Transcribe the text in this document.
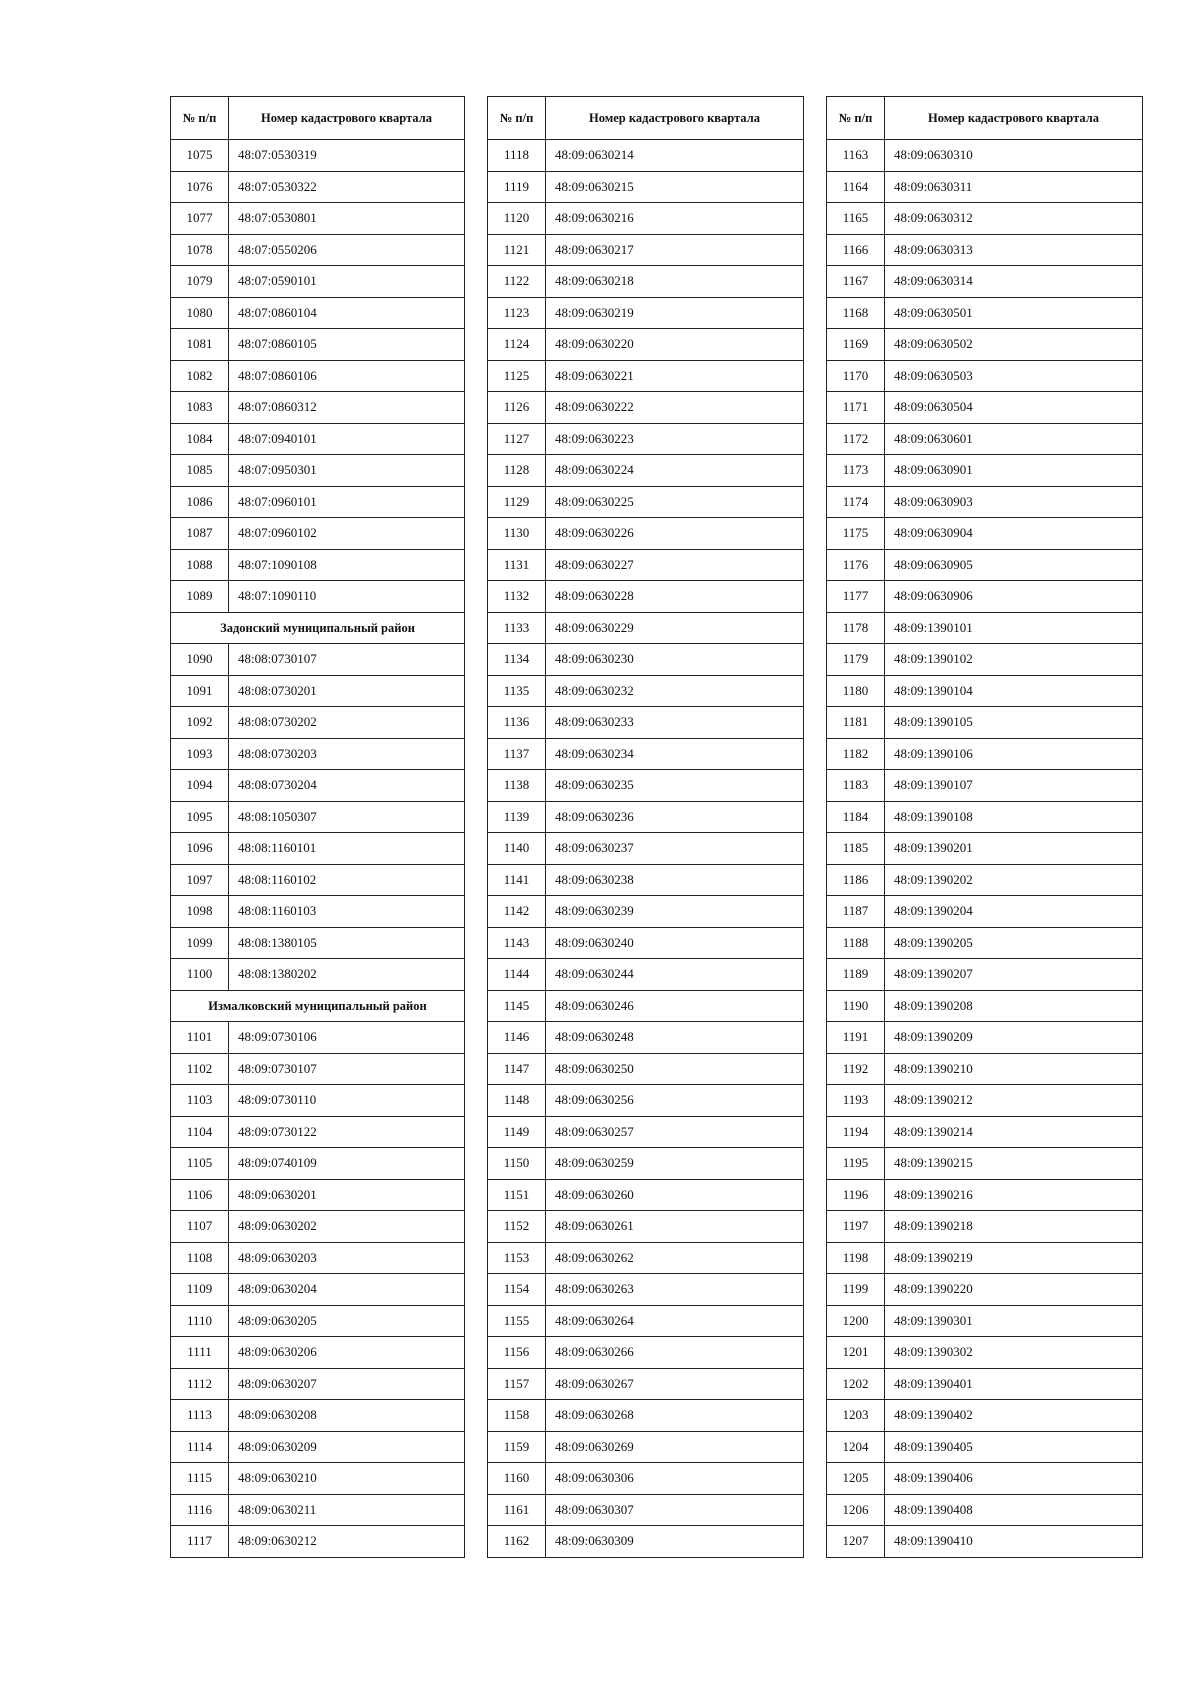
№ п/п	Номер кадастрового квартала
1075	48:07:0530319
1076	48:07:0530322
1077	48:07:0530801
1078	48:07:0550206
1079	48:07:0590101
1080	48:07:0860104
1081	48:07:0860105
1082	48:07:0860106
1083	48:07:0860312
1084	48:07:0940101
1085	48:07:0950301
1086	48:07:0960101
1087	48:07:0960102
1088	48:07:1090108
1089	48:07:1090110
Задонский муниципальный район	
1090	48:08:0730107
1091	48:08:0730201
1092	48:08:0730202
1093	48:08:0730203
1094	48:08:0730204
1095	48:08:1050307
1096	48:08:1160101
1097	48:08:1160102
1098	48:08:1160103
1099	48:08:1380105
1100	48:08:1380202
Измалковский муниципальный район	
1101	48:09:0730106
1102	48:09:0730107
1103	48:09:0730110
1104	48:09:0730122
1105	48:09:0740109
1106	48:09:0630201
1107	48:09:0630202
1108	48:09:0630203
1109	48:09:0630204
1110	48:09:0630205
1111	48:09:0630206
1112	48:09:0630207
1113	48:09:0630208
1114	48:09:0630209
1115	48:09:0630210
1116	48:09:0630211
1117	48:09:0630212
№ п/п	Номер кадастрового квартала
1118	48:09:0630214
1119	48:09:0630215
1120	48:09:0630216
1121	48:09:0630217
1122	48:09:0630218
1123	48:09:0630219
1124	48:09:0630220
1125	48:09:0630221
1126	48:09:0630222
1127	48:09:0630223
1128	48:09:0630224
1129	48:09:0630225
1130	48:09:0630226
1131	48:09:0630227
1132	48:09:0630228
1133	48:09:0630229
1134	48:09:0630230
1135	48:09:0630232
1136	48:09:0630233
1137	48:09:0630234
1138	48:09:0630235
1139	48:09:0630236
1140	48:09:0630237
1141	48:09:0630238
1142	48:09:0630239
1143	48:09:0630240
1144	48:09:0630244
1145	48:09:0630246
1146	48:09:0630248
1147	48:09:0630250
1148	48:09:0630256
1149	48:09:0630257
1150	48:09:0630259
1151	48:09:0630260
1152	48:09:0630261
1153	48:09:0630262
1154	48:09:0630263
1155	48:09:0630264
1156	48:09:0630266
1157	48:09:0630267
1158	48:09:0630268
1159	48:09:0630269
1160	48:09:0630306
1161	48:09:0630307
1162	48:09:0630309
№ п/п	Номер кадастрового квартала
1163	48:09:0630310
1164	48:09:0630311
1165	48:09:0630312
1166	48:09:0630313
1167	48:09:0630314
1168	48:09:0630501
1169	48:09:0630502
1170	48:09:0630503
1171	48:09:0630504
1172	48:09:0630601
1173	48:09:0630901
1174	48:09:0630903
1175	48:09:0630904
1176	48:09:0630905
1177	48:09:0630906
1178	48:09:1390101
1179	48:09:1390102
1180	48:09:1390104
1181	48:09:1390105
1182	48:09:1390106
1183	48:09:1390107
1184	48:09:1390108
1185	48:09:1390201
1186	48:09:1390202
1187	48:09:1390204
1188	48:09:1390205
1189	48:09:1390207
1190	48:09:1390208
1191	48:09:1390209
1192	48:09:1390210
1193	48:09:1390212
1194	48:09:1390214
1195	48:09:1390215
1196	48:09:1390216
1197	48:09:1390218
1198	48:09:1390219
1199	48:09:1390220
1200	48:09:1390301
1201	48:09:1390302
1202	48:09:1390401
1203	48:09:1390402
1204	48:09:1390405
1205	48:09:1390406
1206	48:09:1390408
1207	48:09:1390410
